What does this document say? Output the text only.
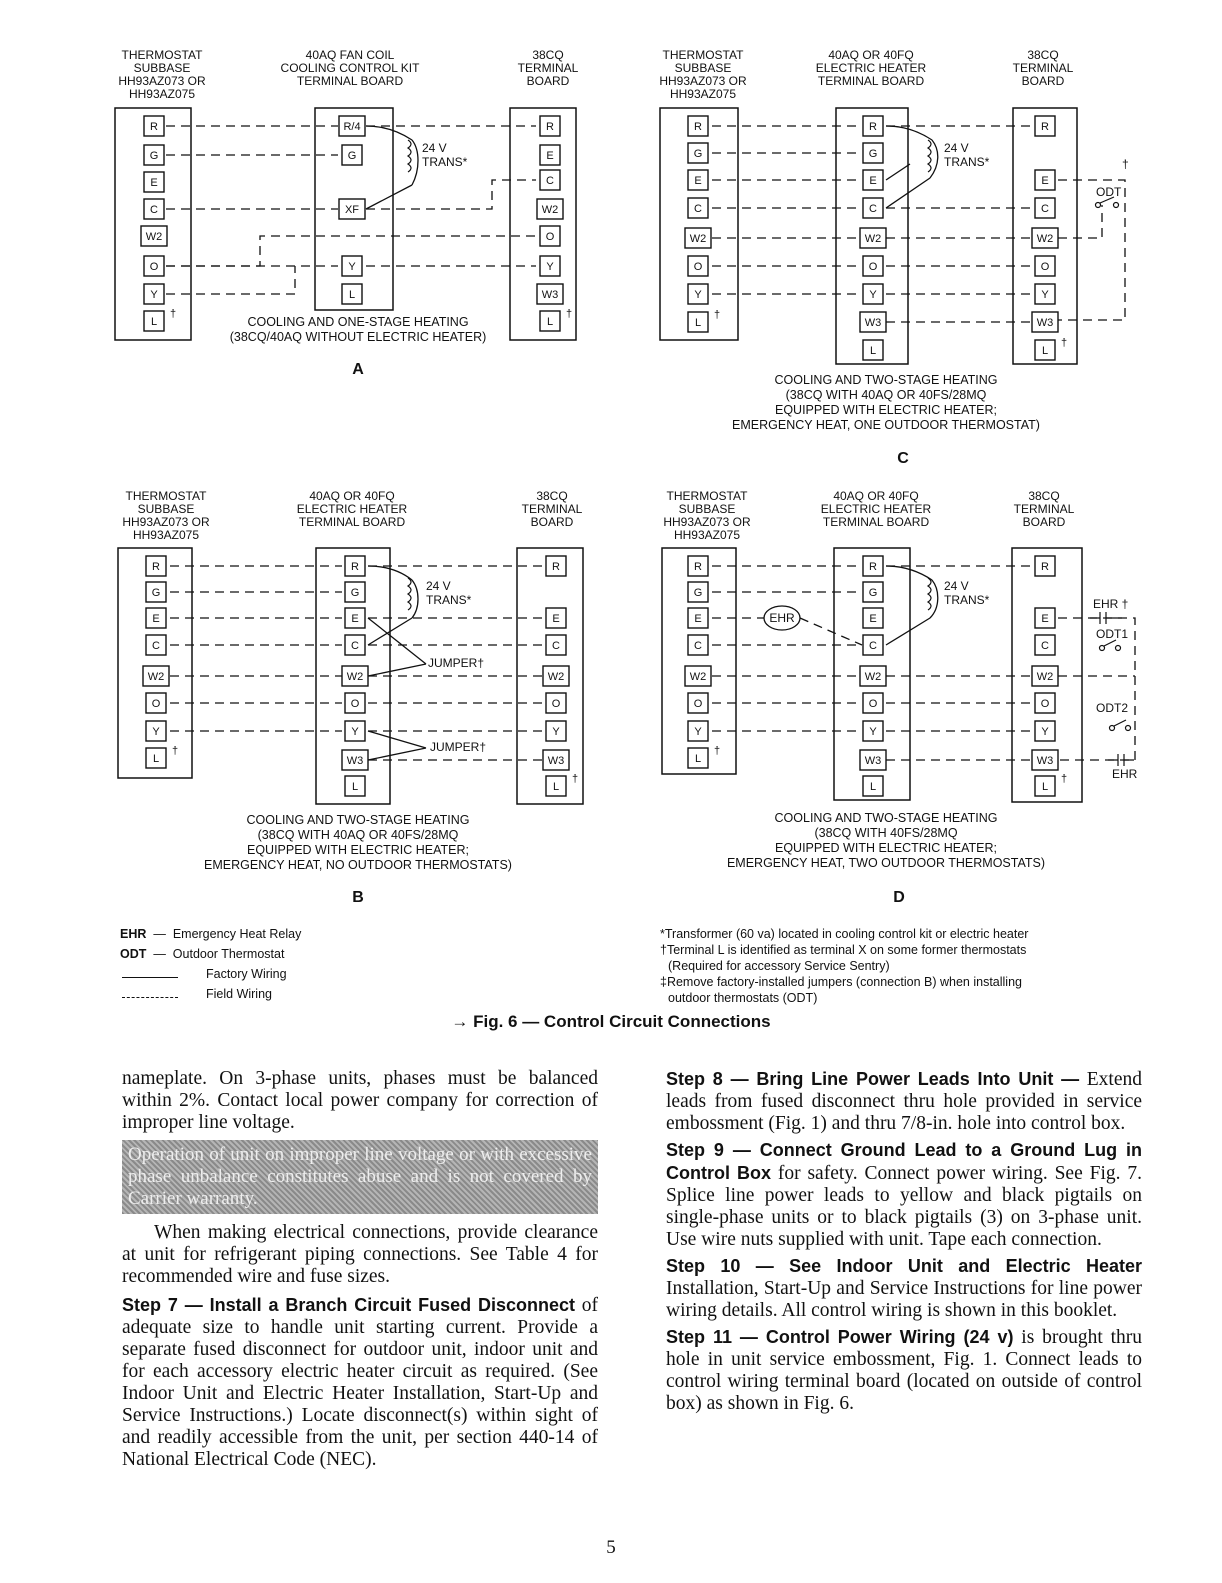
THERMOSTAT
SUBBASE
HH93AZ073 OR
HH93AZ075
40AQ FAN COIL
COOLING CONTROL KIT
TERMINAL BOARD
38CQ
TERMINAL
BOARD
24 V
TRANS*
R
G
E
C
W2
O
Y
L
†
R/4
G
XF
Y
L
R
E
C
W2
O
Y
W3
L
†
COOLING AND ONE-STAGE HEATING
(38CQ/40AQ WITHOUT ELECTRIC HEATER)
A
THERMOSTAT
SUBBASE
HH93AZ073 OR
HH93AZ075
40AQ OR 40FQ
ELECTRIC HEATER
TERMINAL BOARD
38CQ
TERMINAL
BOARD
24 V
TRANS*
ODT
†
R
G
E
C
W2
O
Y
L
†
R
G
E
C
W2
O
Y
W3
L
R
E
C
W2
O
Y
W3
L
†
COOLING AND TWO-STAGE HEATING
(38CQ WITH 40AQ OR 40FS/28MQ
EQUIPPED WITH ELECTRIC HEATER;
EMERGENCY HEAT, ONE OUTDOOR THERMOSTAT)
C
THERMOSTAT
SUBBASE
HH93AZ073 OR
HH93AZ075
40AQ OR 40FQ
ELECTRIC HEATER
TERMINAL BOARD
38CQ
TERMINAL
BOARD
24 V
TRANS*
JUMPER†
JUMPER†
R
G
E
C
W2
O
Y
L
†
R
G
E
C
W2
O
Y
W3
L
R
E
C
W2
O
Y
W3
L
†
COOLING AND TWO-STAGE HEATING
(38CQ WITH 40AQ OR 40FS/28MQ
EQUIPPED WITH ELECTRIC HEATER;
EMERGENCY HEAT, NO OUTDOOR THERMOSTATS)
B
THERMOSTAT
SUBBASE
HH93AZ073 OR
HH93AZ075
40AQ OR 40FQ
ELECTRIC HEATER
TERMINAL BOARD
38CQ
TERMINAL
BOARD
24 V
TRANS*
EHR
EHR †
ODT1
ODT2
EHR
R
G
E
C
W2
O
Y
L
†
R
G
E
C
W2
O
Y
W3
L
R
E
C
W2
O
Y
W3
L
†
COOLING AND TWO-STAGE HEATING
(38CQ WITH 40FS/28MQ
EQUIPPED WITH ELECTRIC HEATER;
EMERGENCY HEAT, TWO OUTDOOR THERMOSTATS)
D
EHR  —  Emergency Heat Relay
ODT  —  Outdoor Thermostat
Factory Wiring
Field Wiring
*Transformer (60 va) located in cooling control kit or electric heater
†Terminal L is identified as terminal X on some former thermostats
(Required for accessory Service Sentry)
‡Remove factory-installed jumpers (connection B) when installing
outdoor thermostats (ODT)
→ Fig. 6 — Control Circuit Connections

nameplate. On 3-phase units, phases must be balanced within 2%. Contact local power company for correction of improper line voltage.

Operation of unit on improper line voltage or with excessive phase unbalance constitutes abuse and is not covered by Carrier warranty.

When making electrical connections, provide clearance at unit for refrigerant piping connections. See Table 4 for recommended wire and fuse sizes.

Step 7 — Install a Branch Circuit Fused Disconnect of adequate size to handle unit starting current. Provide a separate fused disconnect for outdoor unit, indoor unit and for each accessory electric heater circuit as required. (See Indoor Unit and Electric Heater Installation, Start-Up and Service Instructions.) Locate disconnect(s) within sight of and readily accessible from the unit, per section 440-14 of National Electrical Code (NEC).

Step 8 — Bring Line Power Leads Into Unit — Extend leads from fused disconnect thru hole provided in service embossment (Fig. 1) and thru 7/8-in. hole into control box.

Step 9 — Connect Ground Lead to a Ground Lug in Control Box for safety. Connect power wiring. See Fig. 7. Splice line power leads to yellow and black pigtails on single-phase units or to black pigtails (3) on 3-phase unit. Use wire nuts supplied with unit. Tape each connection.

Step 10 — See Indoor Unit and Electric Heater Installation, Start-Up and Service Instructions for line power wiring details. All control wiring is shown in this booklet.

Step 11 — Control Power Wiring (24 v) is brought thru hole in unit service embossment, Fig. 1. Connect leads to control wiring terminal board (located on outside of control box) as shown in Fig. 6.

5
